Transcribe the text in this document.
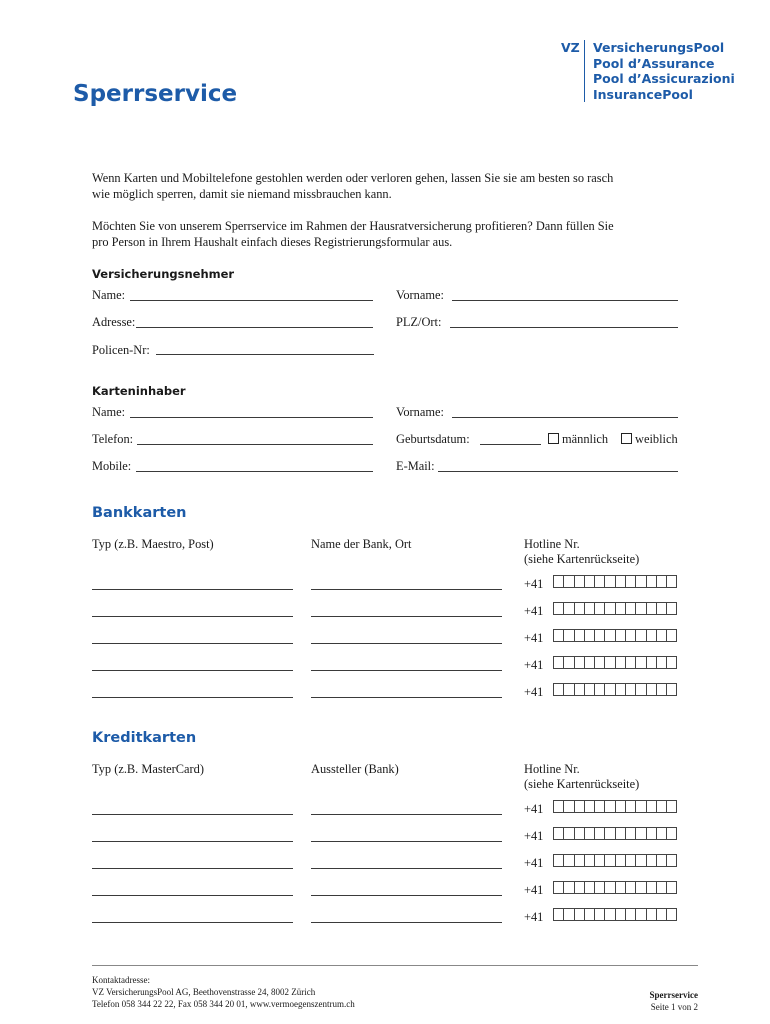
Sperrservice
VZ VersicherungsPool
Pool d’Assurance
Pool d’Assicurazioni
InsurancePool
Wenn Karten und Mobiltelefone gestohlen werden oder verloren gehen, lassen Sie sie am besten so rasch
wie möglich sperren, damit sie niemand missbrauchen kann.
Möchten Sie von unserem Sperrservice im Rahmen der Hausratversicherung profitieren? Dann füllen Sie
pro Person in Ihrem Haushalt einfach dieses Registrierungsformular aus.
Versicherungsnehmer
Name:	Vorname:
Adresse:	PLZ/Ort:
Policen-Nr:
Karteninhaber
Name:	Vorname:
Telefon:	Geburtsdatum:	männlich	weiblich
Mobile:	E-Mail:
Bankkarten
Typ (z.B. Maestro, Post)	Name der Bank, Ort	Hotline Nr.
(siehe Kartenrückseite)
+41
+41
+41
+41
+41
Kreditkarten
Typ (z.B. MasterCard)	Aussteller (Bank)	Hotline Nr.
(siehe Kartenrückseite)
+41
+41
+41
+41
+41
Kontaktadresse:
VZ VersicherungsPool AG, Beethovenstrasse 24, 8002 Zürich
Telefon 058 344 22 22, Fax 058 344 20 01, www.vermoegenszentrum.ch
Sperrservice
Seite 1 von 2
